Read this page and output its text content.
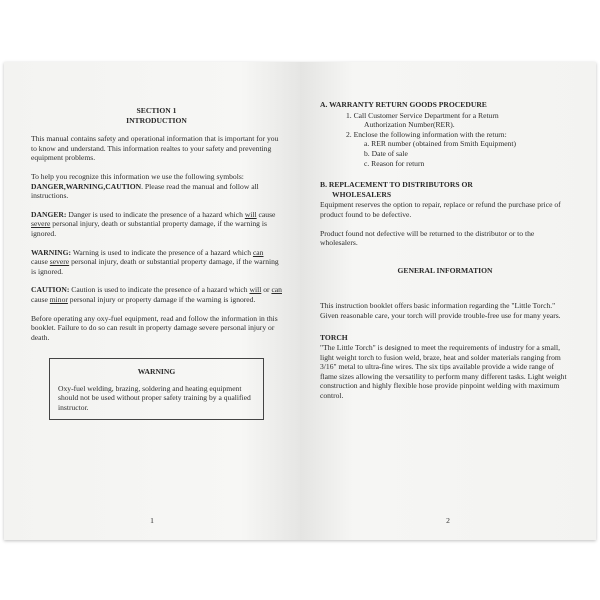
SECTION 1
INTRODUCTION

This manual contains safety and operational information that is important for you to know and understand. This information realtes to your safety and preventing equipment problems.

To help you recognize this information we use the following symbols: DANGER,WARNING,CAUTION. Please read the manual and follow all instructions.

DANGER: Danger is used to indicate the presence of a hazard which will cause severe personal injury, death or substantial property damage, if the warning is ignored.

WARNING: Warning is used to indicate the presence of a hazard which can cause severe personal injury, death or substantial property damage, if the warning is ignored.

CAUTION: Caution is used to indicate the presence of a hazard which will or can cause minor personal injury or property damage if the warning is ignored.

Before operating any oxy-fuel equipment, read and follow the information in this booklet. Failure to do so can result in property damage severe personal injury or death.

WARNING

Oxy-fuel welding, brazing, soldering and heating equipment should not be used without proper safety training by a qualified instructor.

1

A. WARRANTY RETURN GOODS PROCEDURE

1. Call Customer Service Department for a Return

Authorization Number(RER).

2. Enclose the following information with the return:

a. RER number (obtained from Smith Equipment)

b. Date of sale

c. Reason for return

B. REPLACEMENT TO DISTRIBUTORS OR
WHOLESALERS

Equipment reserves the option to repair, replace or refund the purchase price of product found to be defective.

Product found not defective will be returned to the distributor or to the wholesalers.

GENERAL INFORMATION

This instruction booklet offers basic information regarding the "Little Torch." Given reasonable care, your torch will provide trouble-free use for many years.

TORCH

"The Little Torch" is designed to meet the requirements of industry for a small, light weight torch to fusion weld, braze, heat and solder materials ranging from 3/16" metal to ultra-fine wires. The six tips available provide a wide range of flame sizes allowing the versatility to perform many different tasks. Light weight construction and highly flexible hose provide pinpoint welding with maximum control.

2
